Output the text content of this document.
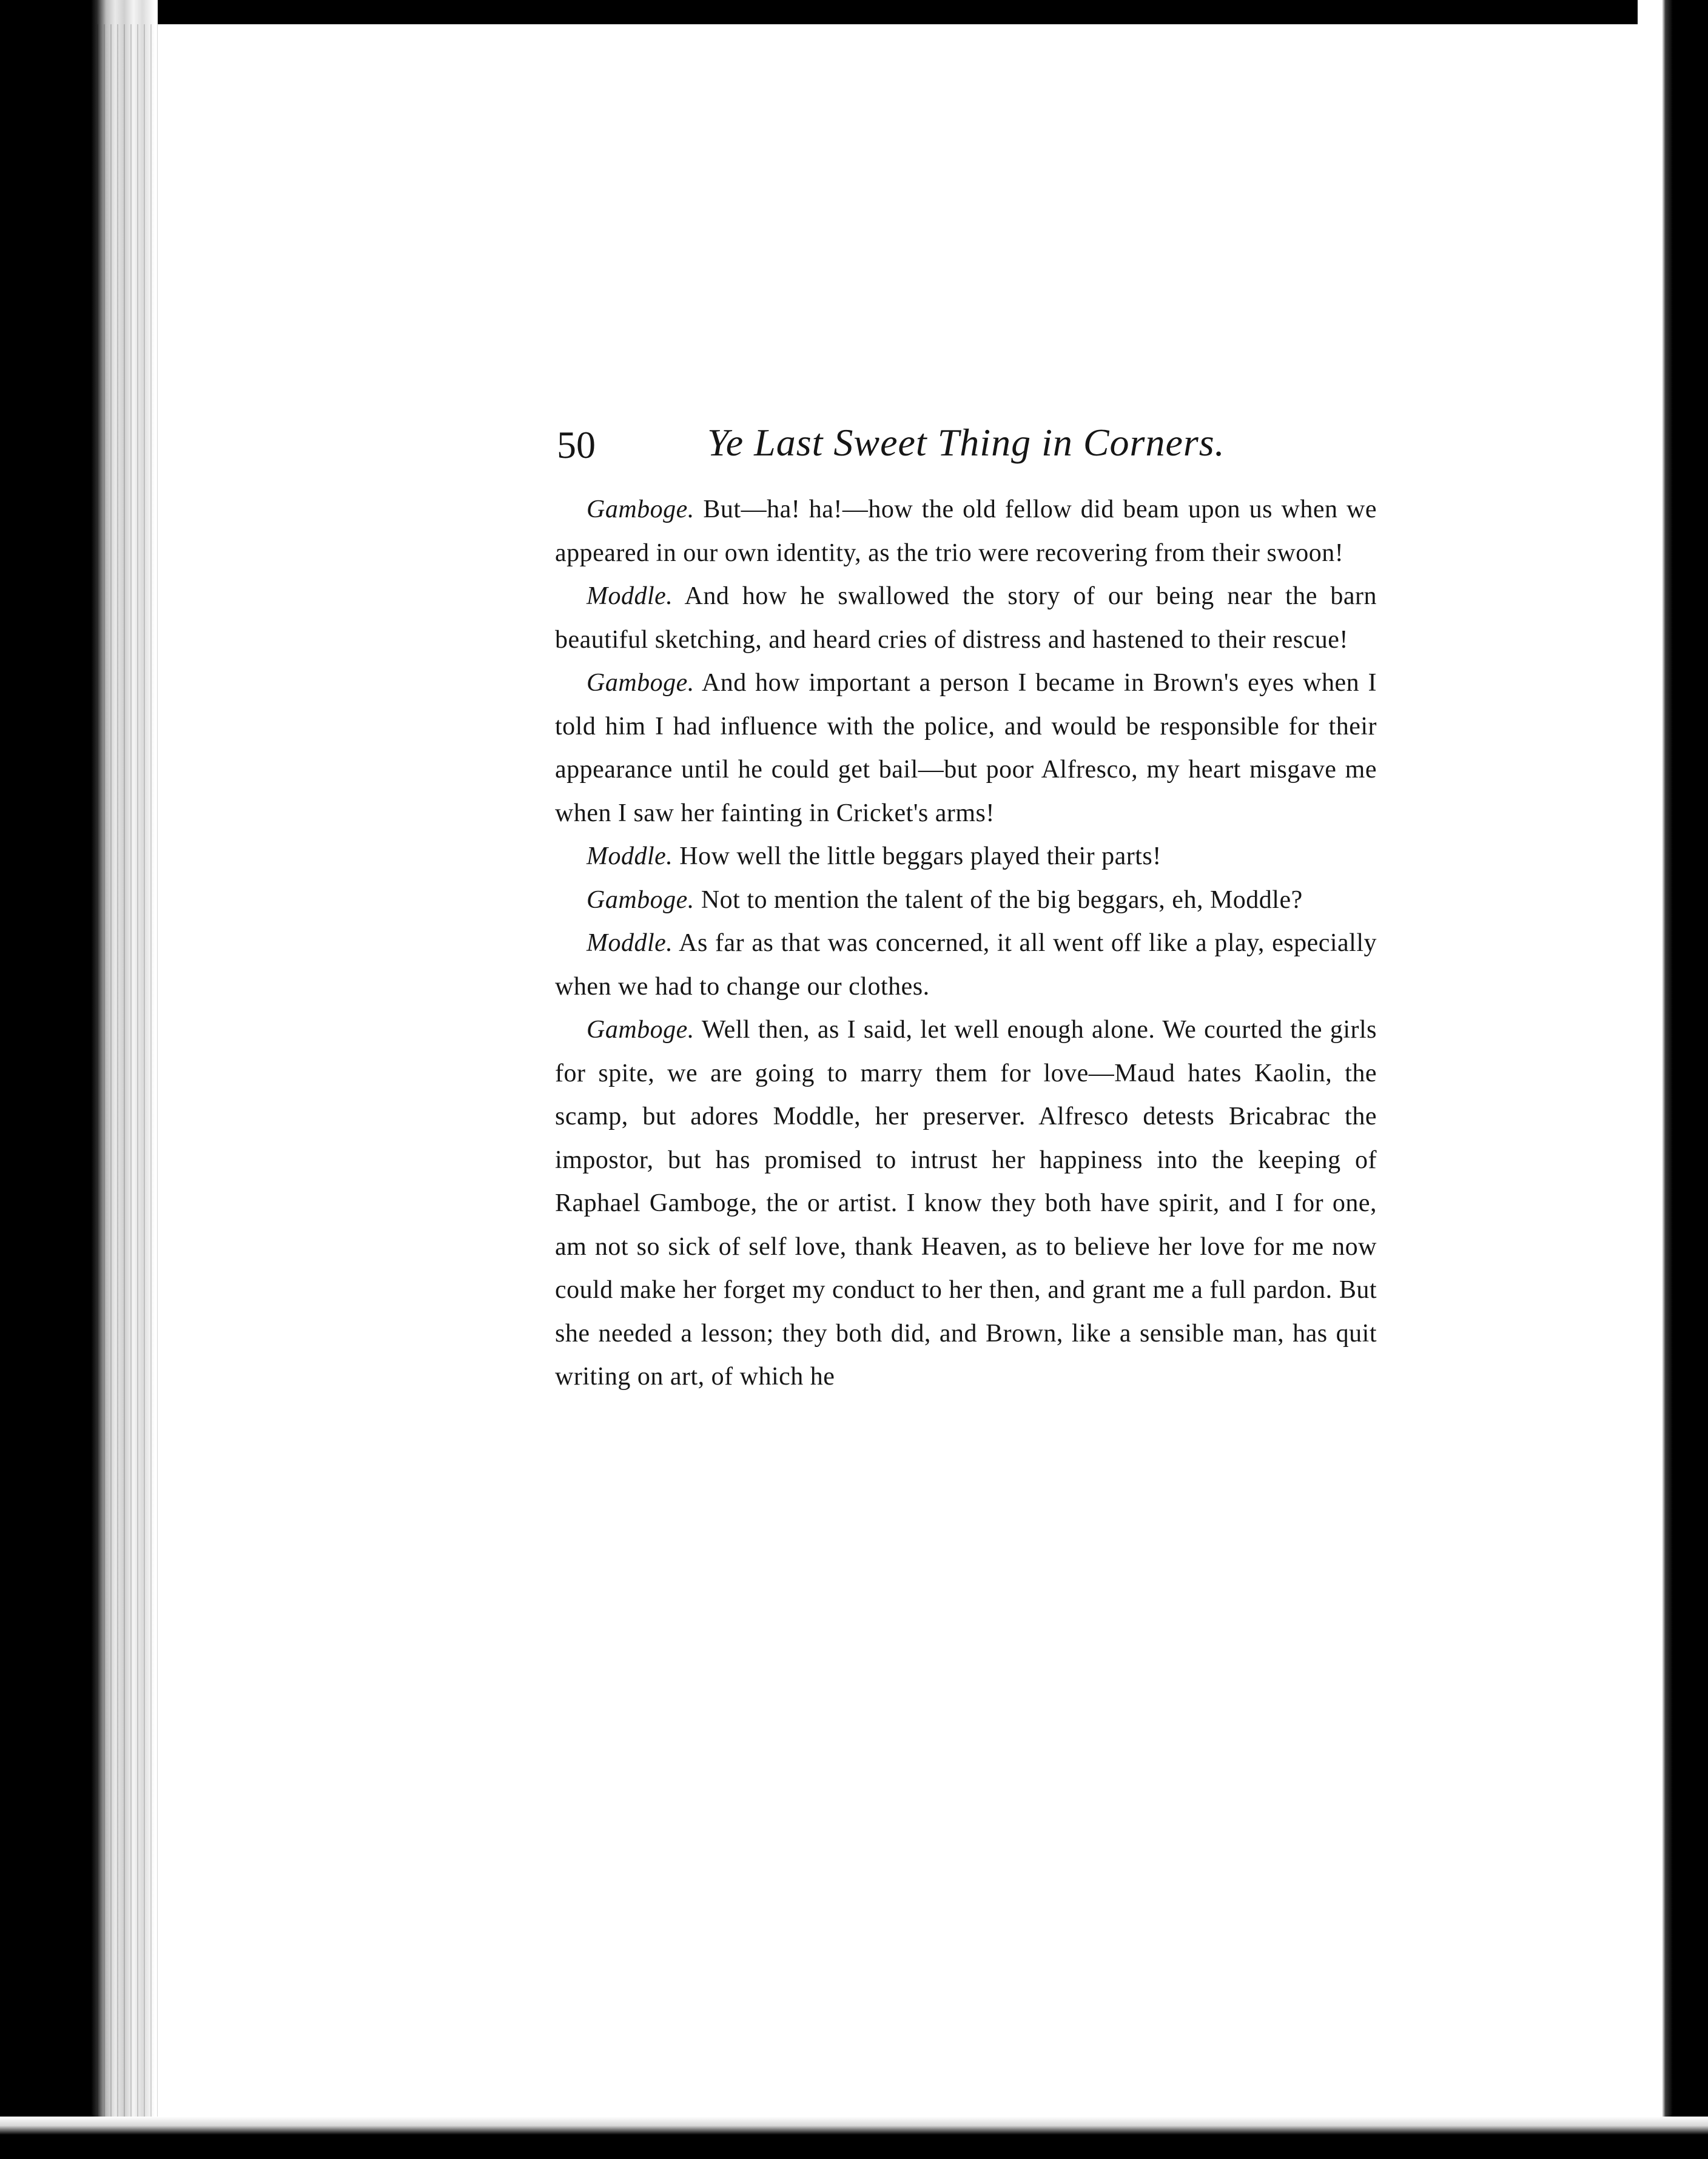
50	Ye Last Sweet Thing in Corners.

Gamboge. But—ha! ha!—how the old fellow did beam upon us when we appeared in our own identity, as the trio were recovering from their swoon!

Moddle. And how he swallowed the story of our being near the barn beautiful sketching, and heard cries of distress and hastened to their rescue!

Gamboge. And how important a person I became in Brown's eyes when I told him I had influence with the police, and would be responsible for their appearance until he could get bail—but poor Alfresco, my heart misgave me when I saw her fainting in Cricket's arms!

Moddle. How well the little beggars played their parts!

Gamboge. Not to mention the talent of the big beggars, eh, Moddle?

Moddle. As far as that was concerned, it all went off like a play, especially when we had to change our clothes.

Gamboge. Well then, as I said, let well enough alone. We courted the girls for spite, we are going to marry them for love—Maud hates Kaolin, the scamp, but adores Moddle, her preserver. Alfresco detests Bricabrac the impostor, but has promised to intrust her happiness into the keeping of Raphael Gamboge, the or artist. I know they both have spirit, and I for one, am not so sick of self love, thank Heaven, as to believe her love for me now could make her forget my conduct to her then, and grant me a full pardon. But she needed a lesson; they both did, and Brown, like a sensible man, has quit writing on art, of which he
